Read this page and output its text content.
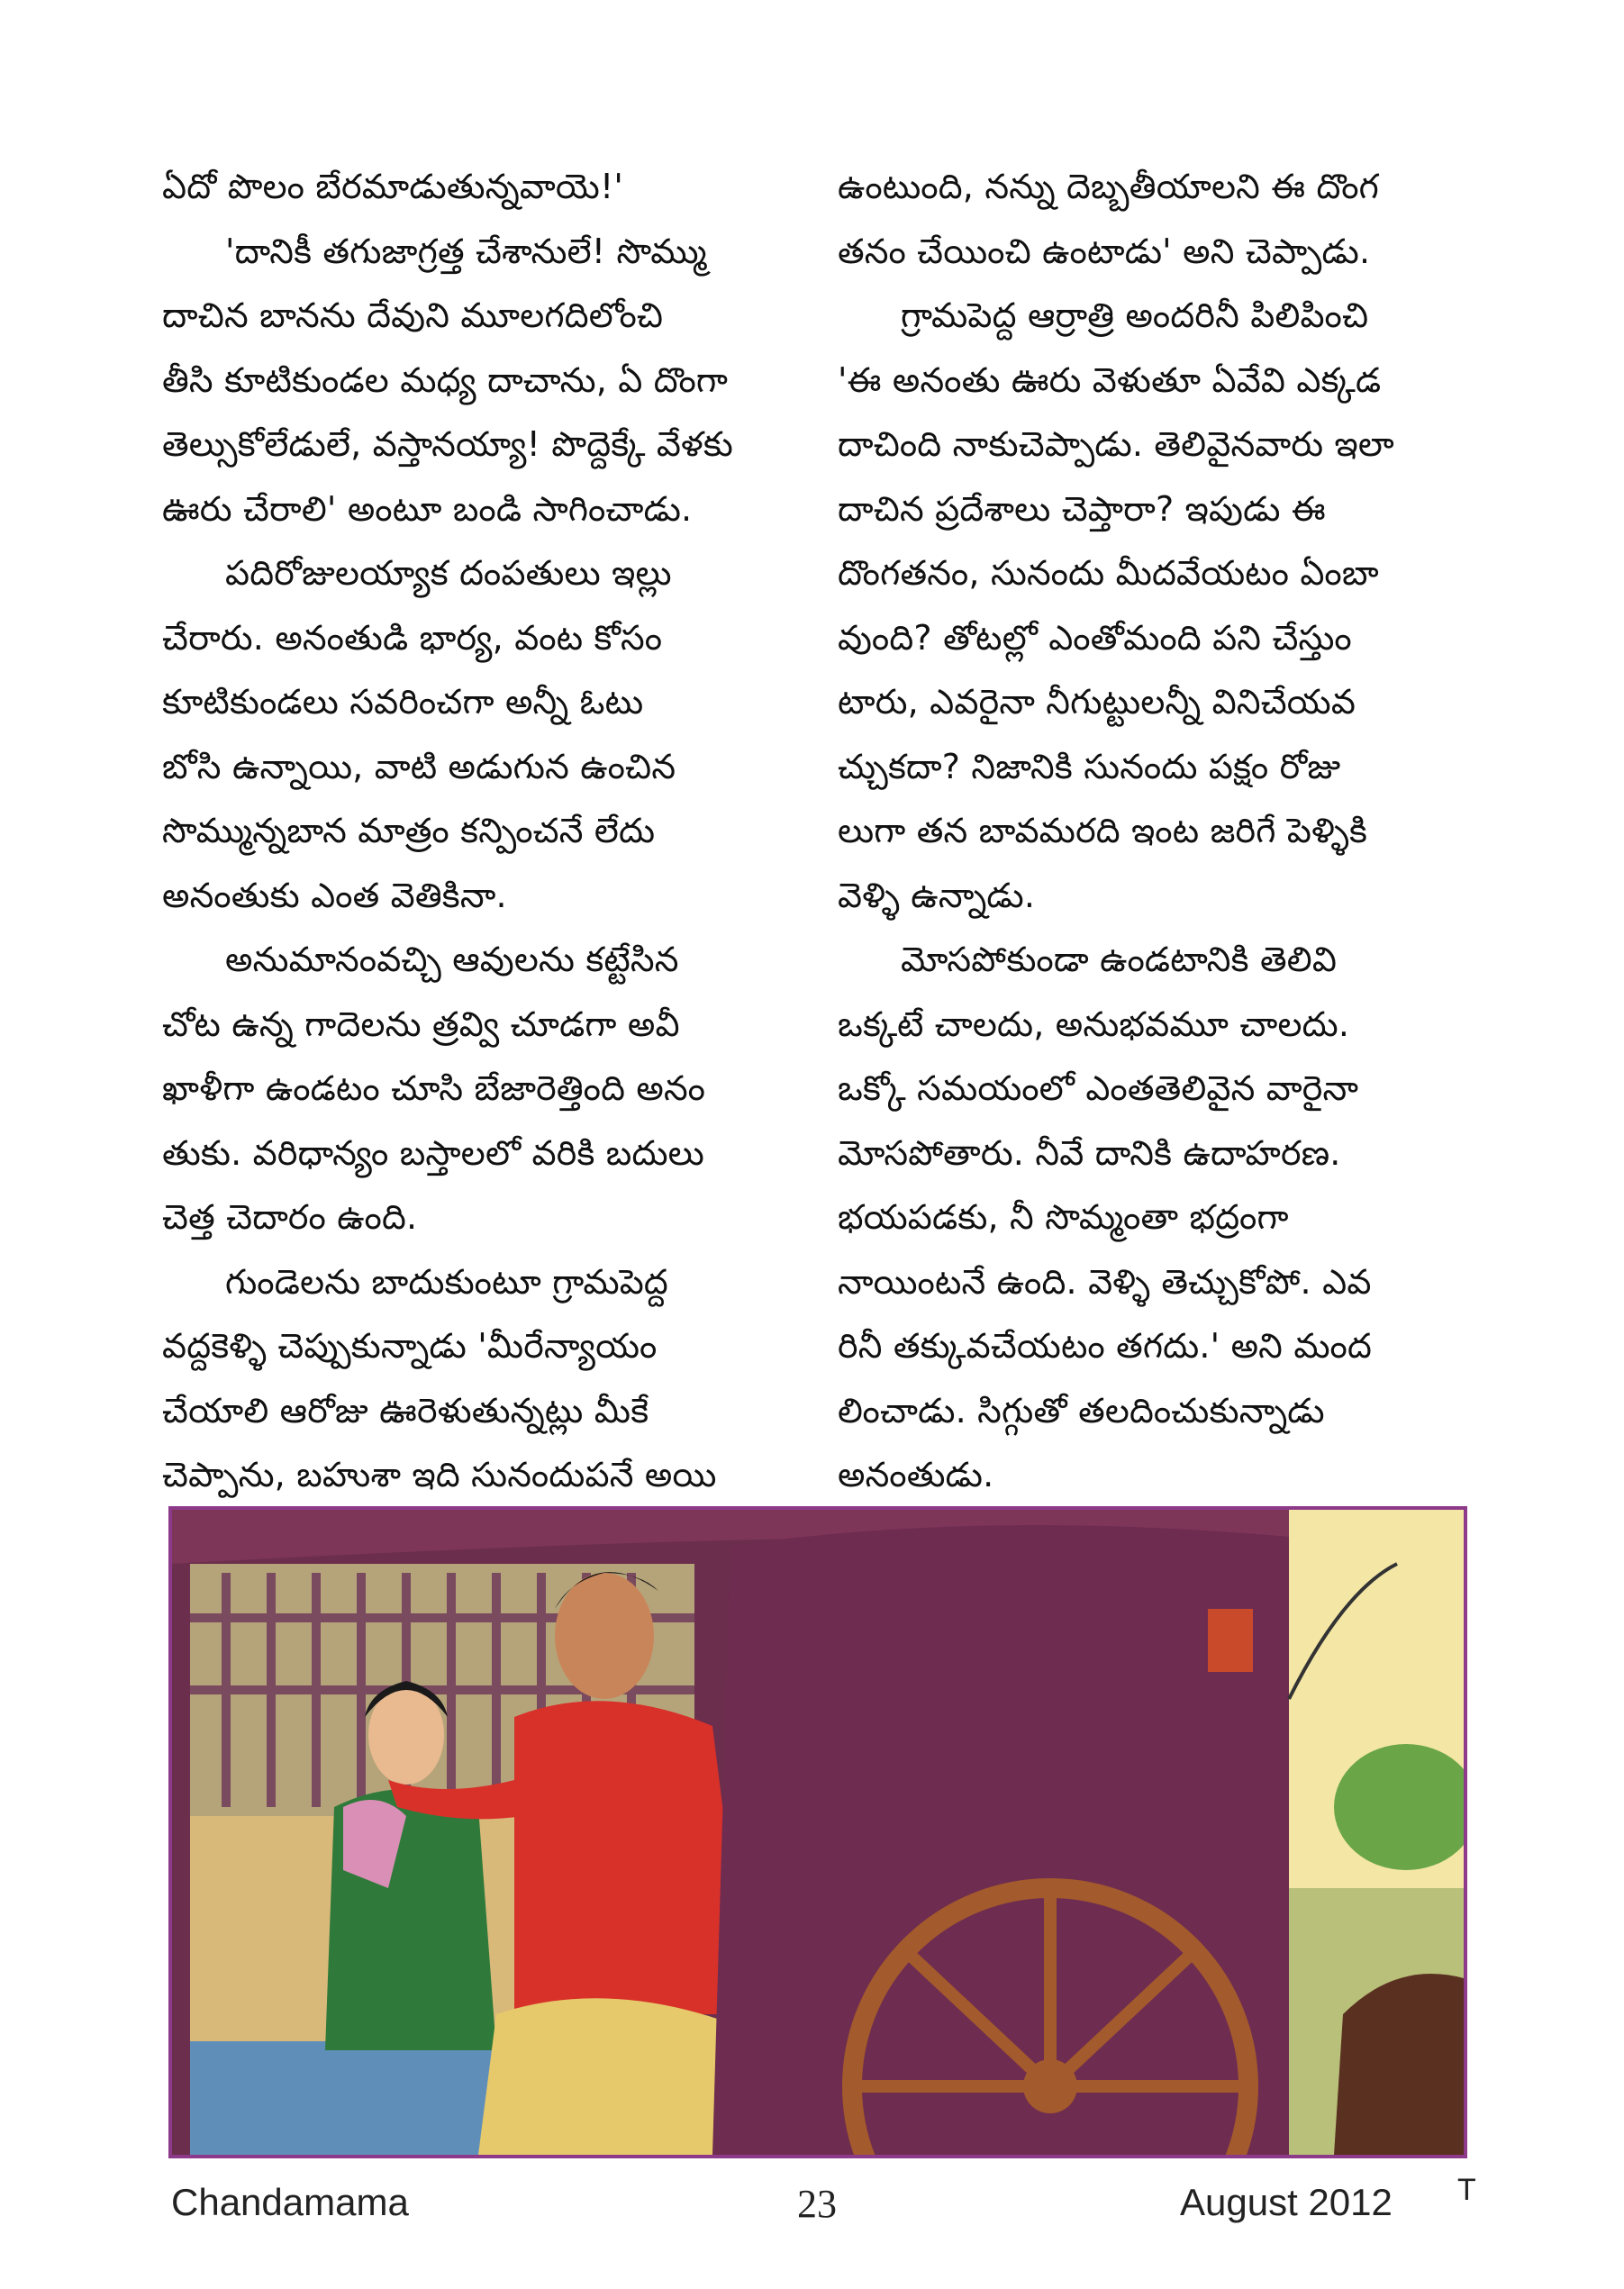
ఏదో పొలం బేరమాడుతున్నవాయె!'
'దానికీ తగుజాగ్రత్త చేశానులే! సొమ్ము
దాచిన బానను దేవుని మూలగదిలోంచి
తీసి కూటికుండల మధ్య దాచాను, ఏ దొంగా
తెల్సుకోలేడులే, వస్తానయ్యా! పొద్దెక్కే వేళకు
ఊరు చేరాలి' అంటూ బండి సాగించాడు.
పదిరోజులయ్యాక దంపతులు ఇల్లు
చేరారు. అనంతుడి భార్య, వంట కోసం
కూటికుండలు సవరించగా అన్నీ ఓటు
బోసి ఉన్నాయి, వాటి అడుగున ఉంచిన
సొమ్మున్నబాన మాత్రం కన్పించనే లేదు
అనంతుకు ఎంత వెతికినా.
అనుమానంవచ్చి ఆవులను కట్టేసిన
చోట ఉన్న గాదెలను త్రవ్వి చూడగా అవీ
ఖాళీగా ఉండటం చూసి బేజారెత్తింది అనం
తుకు. వరిధాన్యం బస్తాలలో వరికి బదులు
చెత్త చెదారం ఉంది.
గుండెలను బాదుకుంటూ గ్రామపెద్ద
వద్దకెళ్ళి చెప్పుకున్నాడు 'మీరేన్యాయం
చేయాలి ఆరోజు ఊరెళుతున్నట్లు మీకే
చెప్పాను, బహుశా ఇది సునందుపనే అయి
ఉంటుంది, నన్ను దెబ్బతీయాలని ఈ దొంగ
తనం చేయించి ఉంటాడు' అని చెప్పాడు.
గ్రామపెద్ద ఆర్రాత్రి అందరినీ పిలిపించి
'ఈ అనంతు ఊరు వెళుతూ ఏవేవి ఎక్కడ
దాచింది నాకుచెప్పాడు. తెలివైనవారు ఇలా
దాచిన ప్రదేశాలు చెప్తారా? ఇపుడు ఈ
దొంగతనం, సునందు మీదవేయటం ఏంబా
వుంది? తోటల్లో ఎంతోమంది పని చేస్తుం
టారు, ఎవరైనా నీగుట్టులన్నీ వినిచేయవ
చ్చుకదా? నిజానికి సునందు పక్షం రోజు
లుగా తన బావమరది ఇంట జరిగే పెళ్ళికి
వెళ్ళి ఉన్నాడు.
మోసపోకుండా ఉండటానికి తెలివి
ఒక్కటే చాలదు, అనుభవమూ చాలదు.
ఒక్కో సమయంలో ఎంతతెలివైన వారైనా
మోసపోతారు. నీవే దానికి ఉదాహరణ.
భయపడకు, నీ సొమ్మంతా భద్రంగా
నాయింటనే ఉంది. వెళ్ళి తెచ్చుకోపో. ఎవ
రినీ తక్కువచేయటం తగదు.' అని మంద
లించాడు. సిగ్గుతో తలదించుకున్నాడు
అనంతుడు.
Chandamama	23	August 2012 T
